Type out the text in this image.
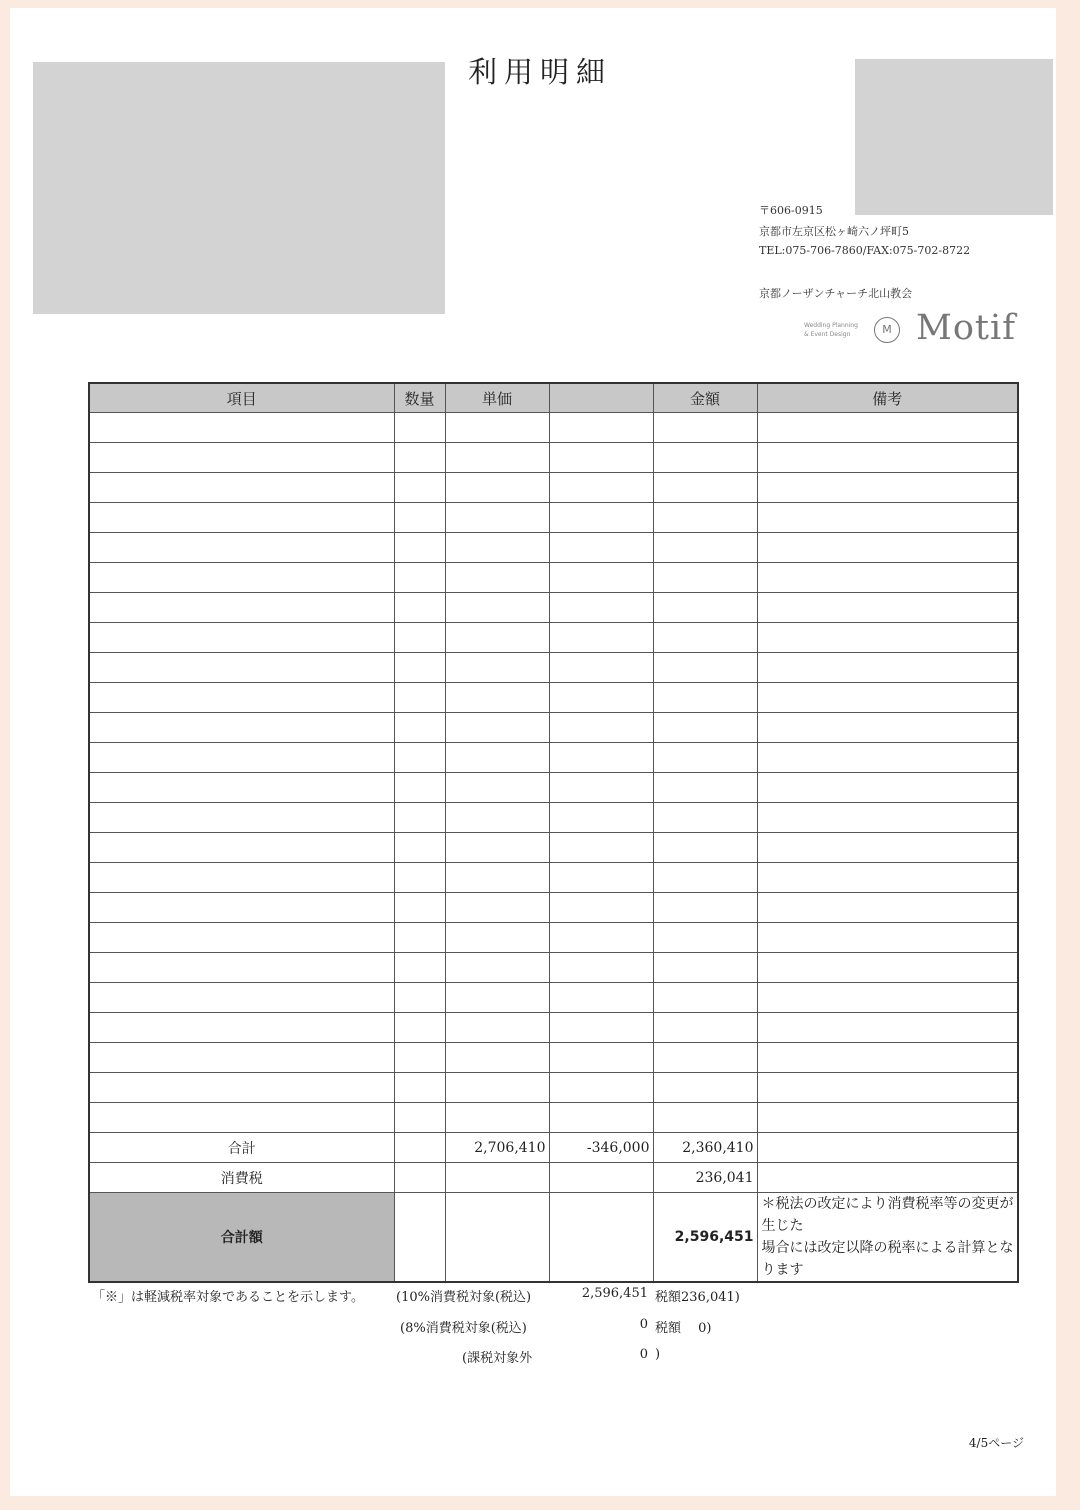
利用明細
〒606-0915
京都市左京区松ヶ崎六ノ坪町5
TEL:075-706-7860/FAX:075-702-8722
京都ノーザンチャーチ北山教会
Wedding Planning
& Event Design	M Motif
項目	数量	単価		金額	備考

合計		2,706,410	-346,000	2,360,410	
消費税				236,041	
合計額				2,596,451	＊税法の改定により消費税率等の変更が生じた
場合には改定以降の税率による計算となります
「※」は軽減税率対象であることを示します。 (10%消費税対象(税込)	2,596,451 税額236,041)
(8%消費税対象(税込)	0 税額　 0)
(課税対象外	0 )
4/5ページ
